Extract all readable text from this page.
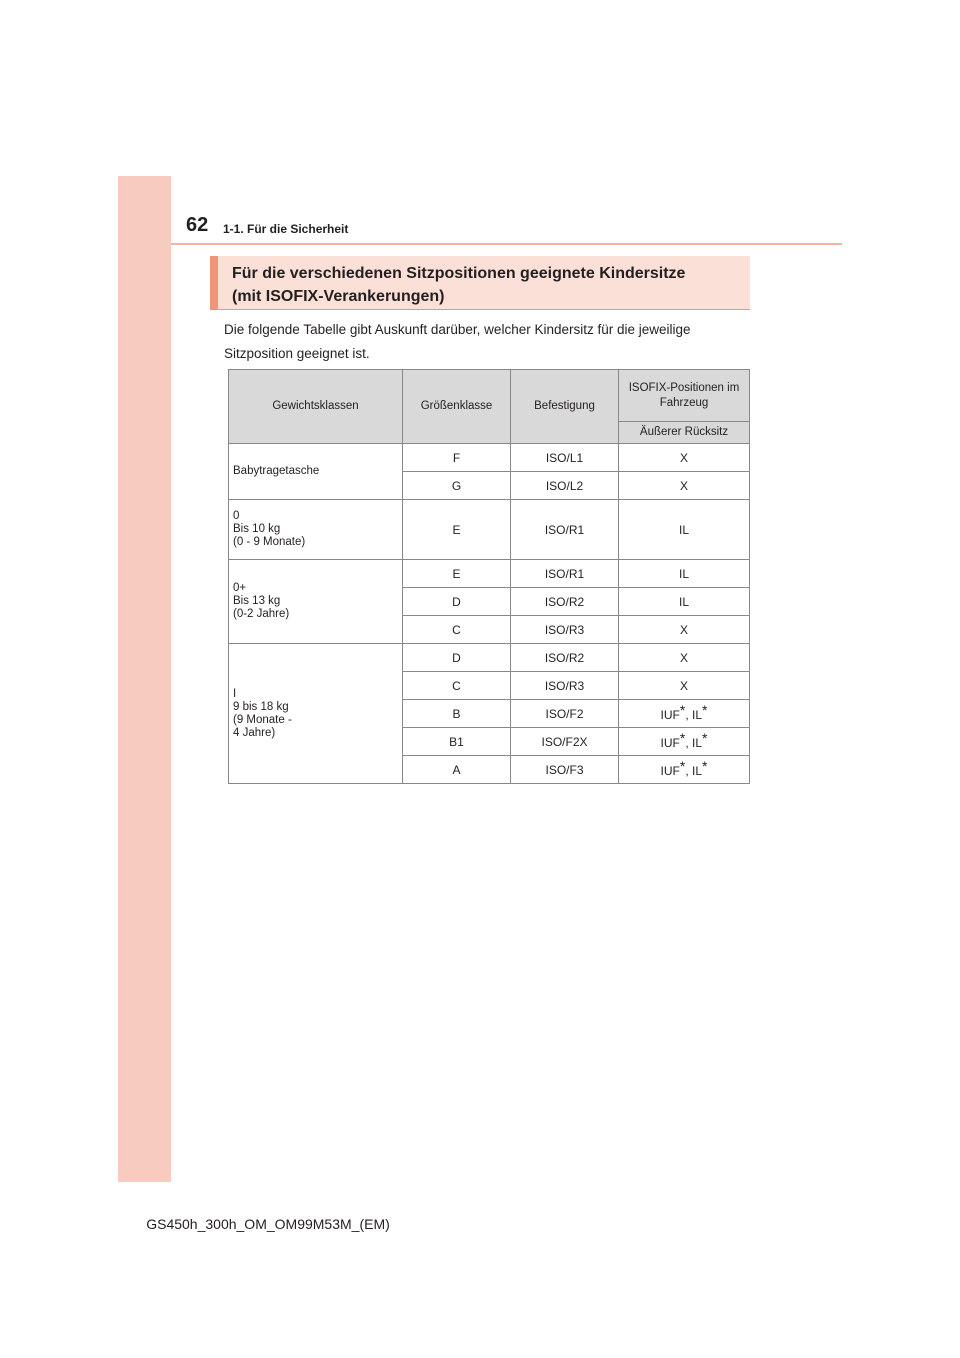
62 1-1. Für die Sicherheit
Für die verschiedenen Sitzpositionen geeignete Kindersitze
(mit ISOFIX-Verankerungen)
Die folgende Tabelle gibt Auskunft darüber, welcher Kindersitz für die jeweilige Sitzposition geeignet ist.
Gewichtsklassen	Größenklasse	Befestigung	ISOFIX-Positionen im Fahrzeug
			Äußerer Rücksitz

Babytragetasche	F	ISO/L1	X
	G	ISO/L2	X

0
Bis 10 kg
(0 - 9 Monate)	E	ISO/R1	IL

0+
Bis 13 kg
(0-2 Jahre)	E	ISO/R1	IL
	D	ISO/R2	IL
	C	ISO/R3	X

I
9 bis 18 kg
(9 Monate -
4 Jahre)	D	ISO/R2	X
	C	ISO/R3	X
	B	ISO/F2	IUF*, IL*
	B1	ISO/F2X	IUF*, IL*
	A	ISO/F3	IUF*, IL*
GS450h_300h_OM_OM99M53M_(EM)
